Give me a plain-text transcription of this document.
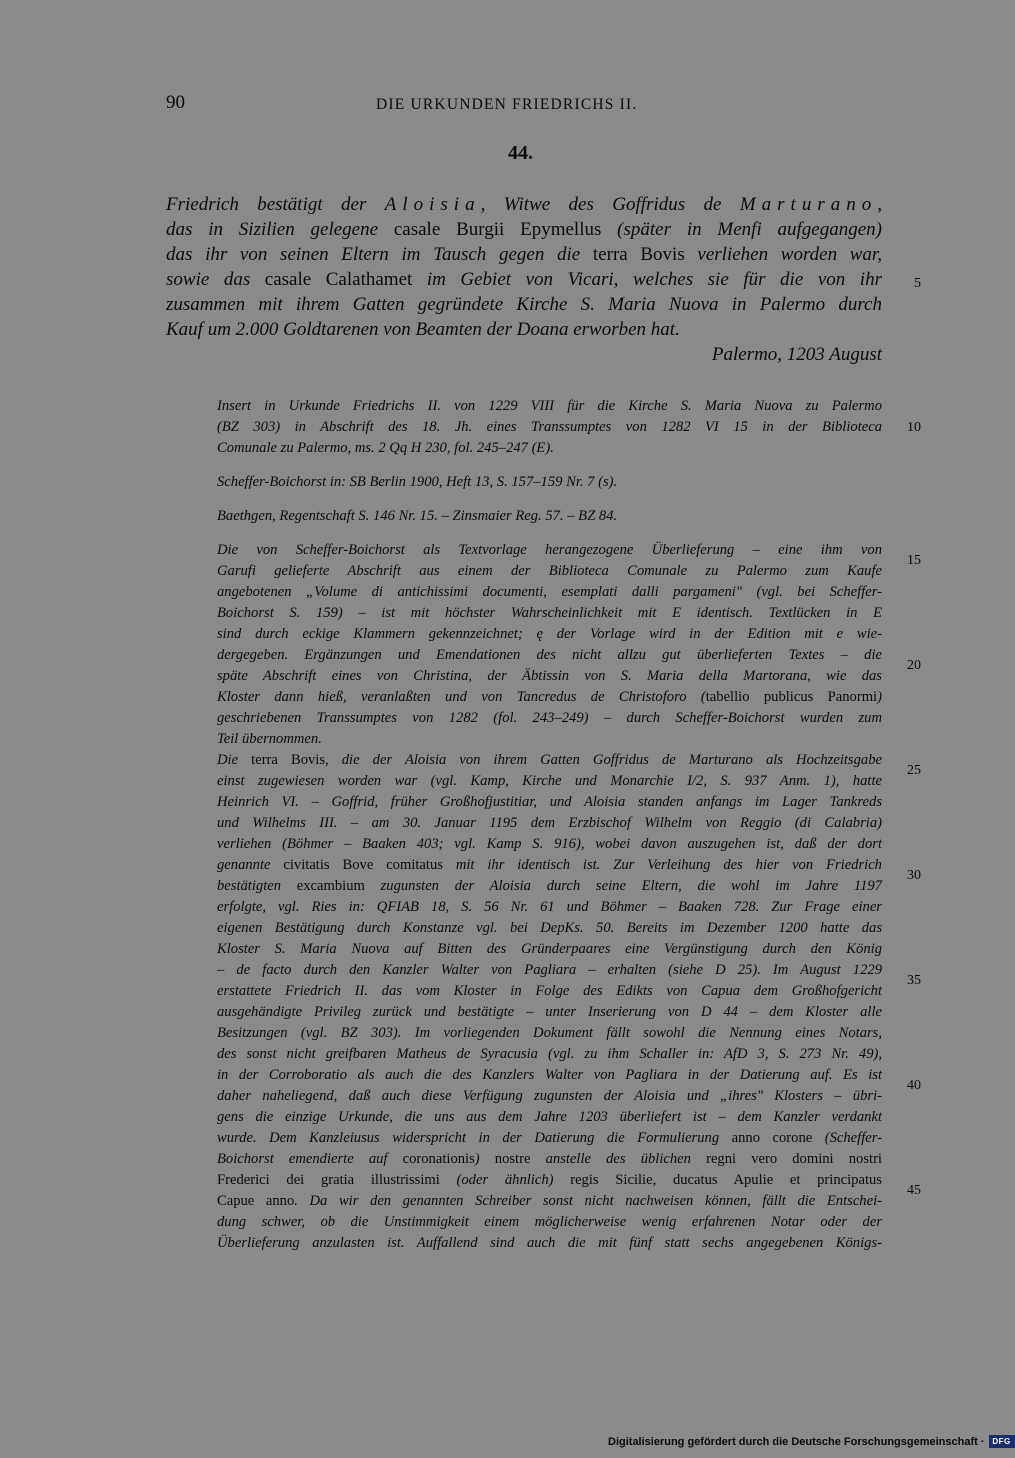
90	DIE URKUNDEN FRIEDRICHS II.
44.
Friedrich bestätigt der Aloisia, Witwe des Goffridus de Marturano,
das in Sizilien gelegene casale Burgii Epymellus (später in Menfi aufgegangen)
das ihr von seinen Eltern im Tausch gegen die terra Bovis verliehen worden war,
sowie das casale Calathamet im Gebiet von Vicari, welches sie für die von ihr
zusammen mit ihrem Gatten gegründete Kirche S. Maria Nuova in Palermo durch
Kauf um 2.000 Goldtarenen von Beamten der Doana erworben hat.
Palermo, 1203 August
Insert in Urkunde Friedrichs II. von 1229 VIII für die Kirche S. Maria Nuova zu Palermo
(BZ 303) in Abschrift des 18. Jh. eines Transsumptes von 1282 VI 15 in der Biblioteca
Comunale zu Palermo, ms. 2 Qq H 230, fol. 245–247 (E).
Scheffer-Boichorst in: SB Berlin 1900, Heft 13, S. 157–159 Nr. 7 (s).
Baethgen, Regentschaft S. 146 Nr. 15. – Zinsmaier Reg. 57. – BZ 84.
Die von Scheffer-Boichorst als Textvorlage herangezogene Überlieferung – eine ihm von
Garufi gelieferte Abschrift aus einem der Biblioteca Comunale zu Palermo zum Kaufe
angebotenen „Volume di antichissimi documenti, esemplati dalli pargameni" (vgl. bei Scheffer-
Boichorst S. 159) – ist mit höchster Wahrscheinlichkeit mit E identisch. Textlücken in E
sind durch eckige Klammern gekennzeichnet; ę der Vorlage wird in der Edition mit e wie-
dergegeben. Ergänzungen und Emendationen des nicht allzu gut überlieferten Textes – die
späte Abschrift eines von Christina, der Äbtissin von S. Maria della Martorana, wie das
Kloster dann hieß, veranlaßten und von Tancredus de Christoforo (tabellio publicus Panormi)
geschriebenen Transsumptes von 1282 (fol. 243–249) – durch Scheffer-Boichorst wurden zum
Teil übernommen.
Die terra Bovis, die der Aloisia von ihrem Gatten Goffridus de Marturano als Hochzeitsgabe
einst zugewiesen worden war (vgl. Kamp, Kirche und Monarchie I/2, S. 937 Anm. 1), hatte
Heinrich VI. – Goffrid, früher Großhofjustitiar, und Aloisia standen anfangs im Lager Tankreds
und Wilhelms III. – am 30. Januar 1195 dem Erzbischof Wilhelm von Reggio (di Calabria)
verliehen (Böhmer – Baaken 403; vgl. Kamp S. 916), wobei davon auszugehen ist, daß der dort
genannte civitatis Bove comitatus mit ihr identisch ist. Zur Verleihung des hier von Friedrich
bestätigten excambium zugunsten der Aloisia durch seine Eltern, die wohl im Jahre 1197
erfolgte, vgl. Ries in: QFIAB 18, S. 56 Nr. 61 und Böhmer – Baaken 728. Zur Frage einer
eigenen Bestätigung durch Konstanze vgl. bei DepKs. 50. Bereits im Dezember 1200 hatte das
Kloster S. Maria Nuova auf Bitten des Gründerpaares eine Vergünstigung durch den König
– de facto durch den Kanzler Walter von Pagliara – erhalten (siehe D 25). Im August 1229
erstattete Friedrich II. das vom Kloster in Folge des Edikts von Capua dem Großhofgericht
ausgehändigte Privileg zurück und bestätigte – unter Inserierung von D 44 – dem Kloster alle
Besitzungen (vgl. BZ 303). Im vorliegenden Dokument fällt sowohl die Nennung eines Notars,
des sonst nicht greifbaren Matheus de Syracusia (vgl. zu ihm Schaller in: AfD 3, S. 273 Nr. 49),
in der Corroboratio als auch die des Kanzlers Walter von Pagliara in der Datierung auf. Es ist
daher naheliegend, daß auch diese Verfügung zugunsten der Aloisia und „ihres" Klosters – übri-
gens die einzige Urkunde, die uns aus dem Jahre 1203 überliefert ist – dem Kanzler verdankt
wurde. Dem Kanzleiusus widerspricht in der Datierung die Formulierung anno corone (Scheffer-
Boichorst emendierte auf coronationis) nostre anstelle des üblichen regni vero domini nostri
Frederici dei gratia illustrissimi (oder ähnlich) regis Sicilie, ducatus Apulie et principatus
Capue anno. Da wir den genannten Schreiber sonst nicht nachweisen können, fällt die Entschei-
dung schwer, ob die Unstimmigkeit einem möglicherweise wenig erfahrenen Notar oder der
Überlieferung anzulasten ist. Auffallend sind auch die mit fünf statt sechs angegebenen Königs-
5
10
15
20
25
30
35
40
45
Digitalisierung gefördert durch die Deutsche Forschungsgemeinschaft · DFG
